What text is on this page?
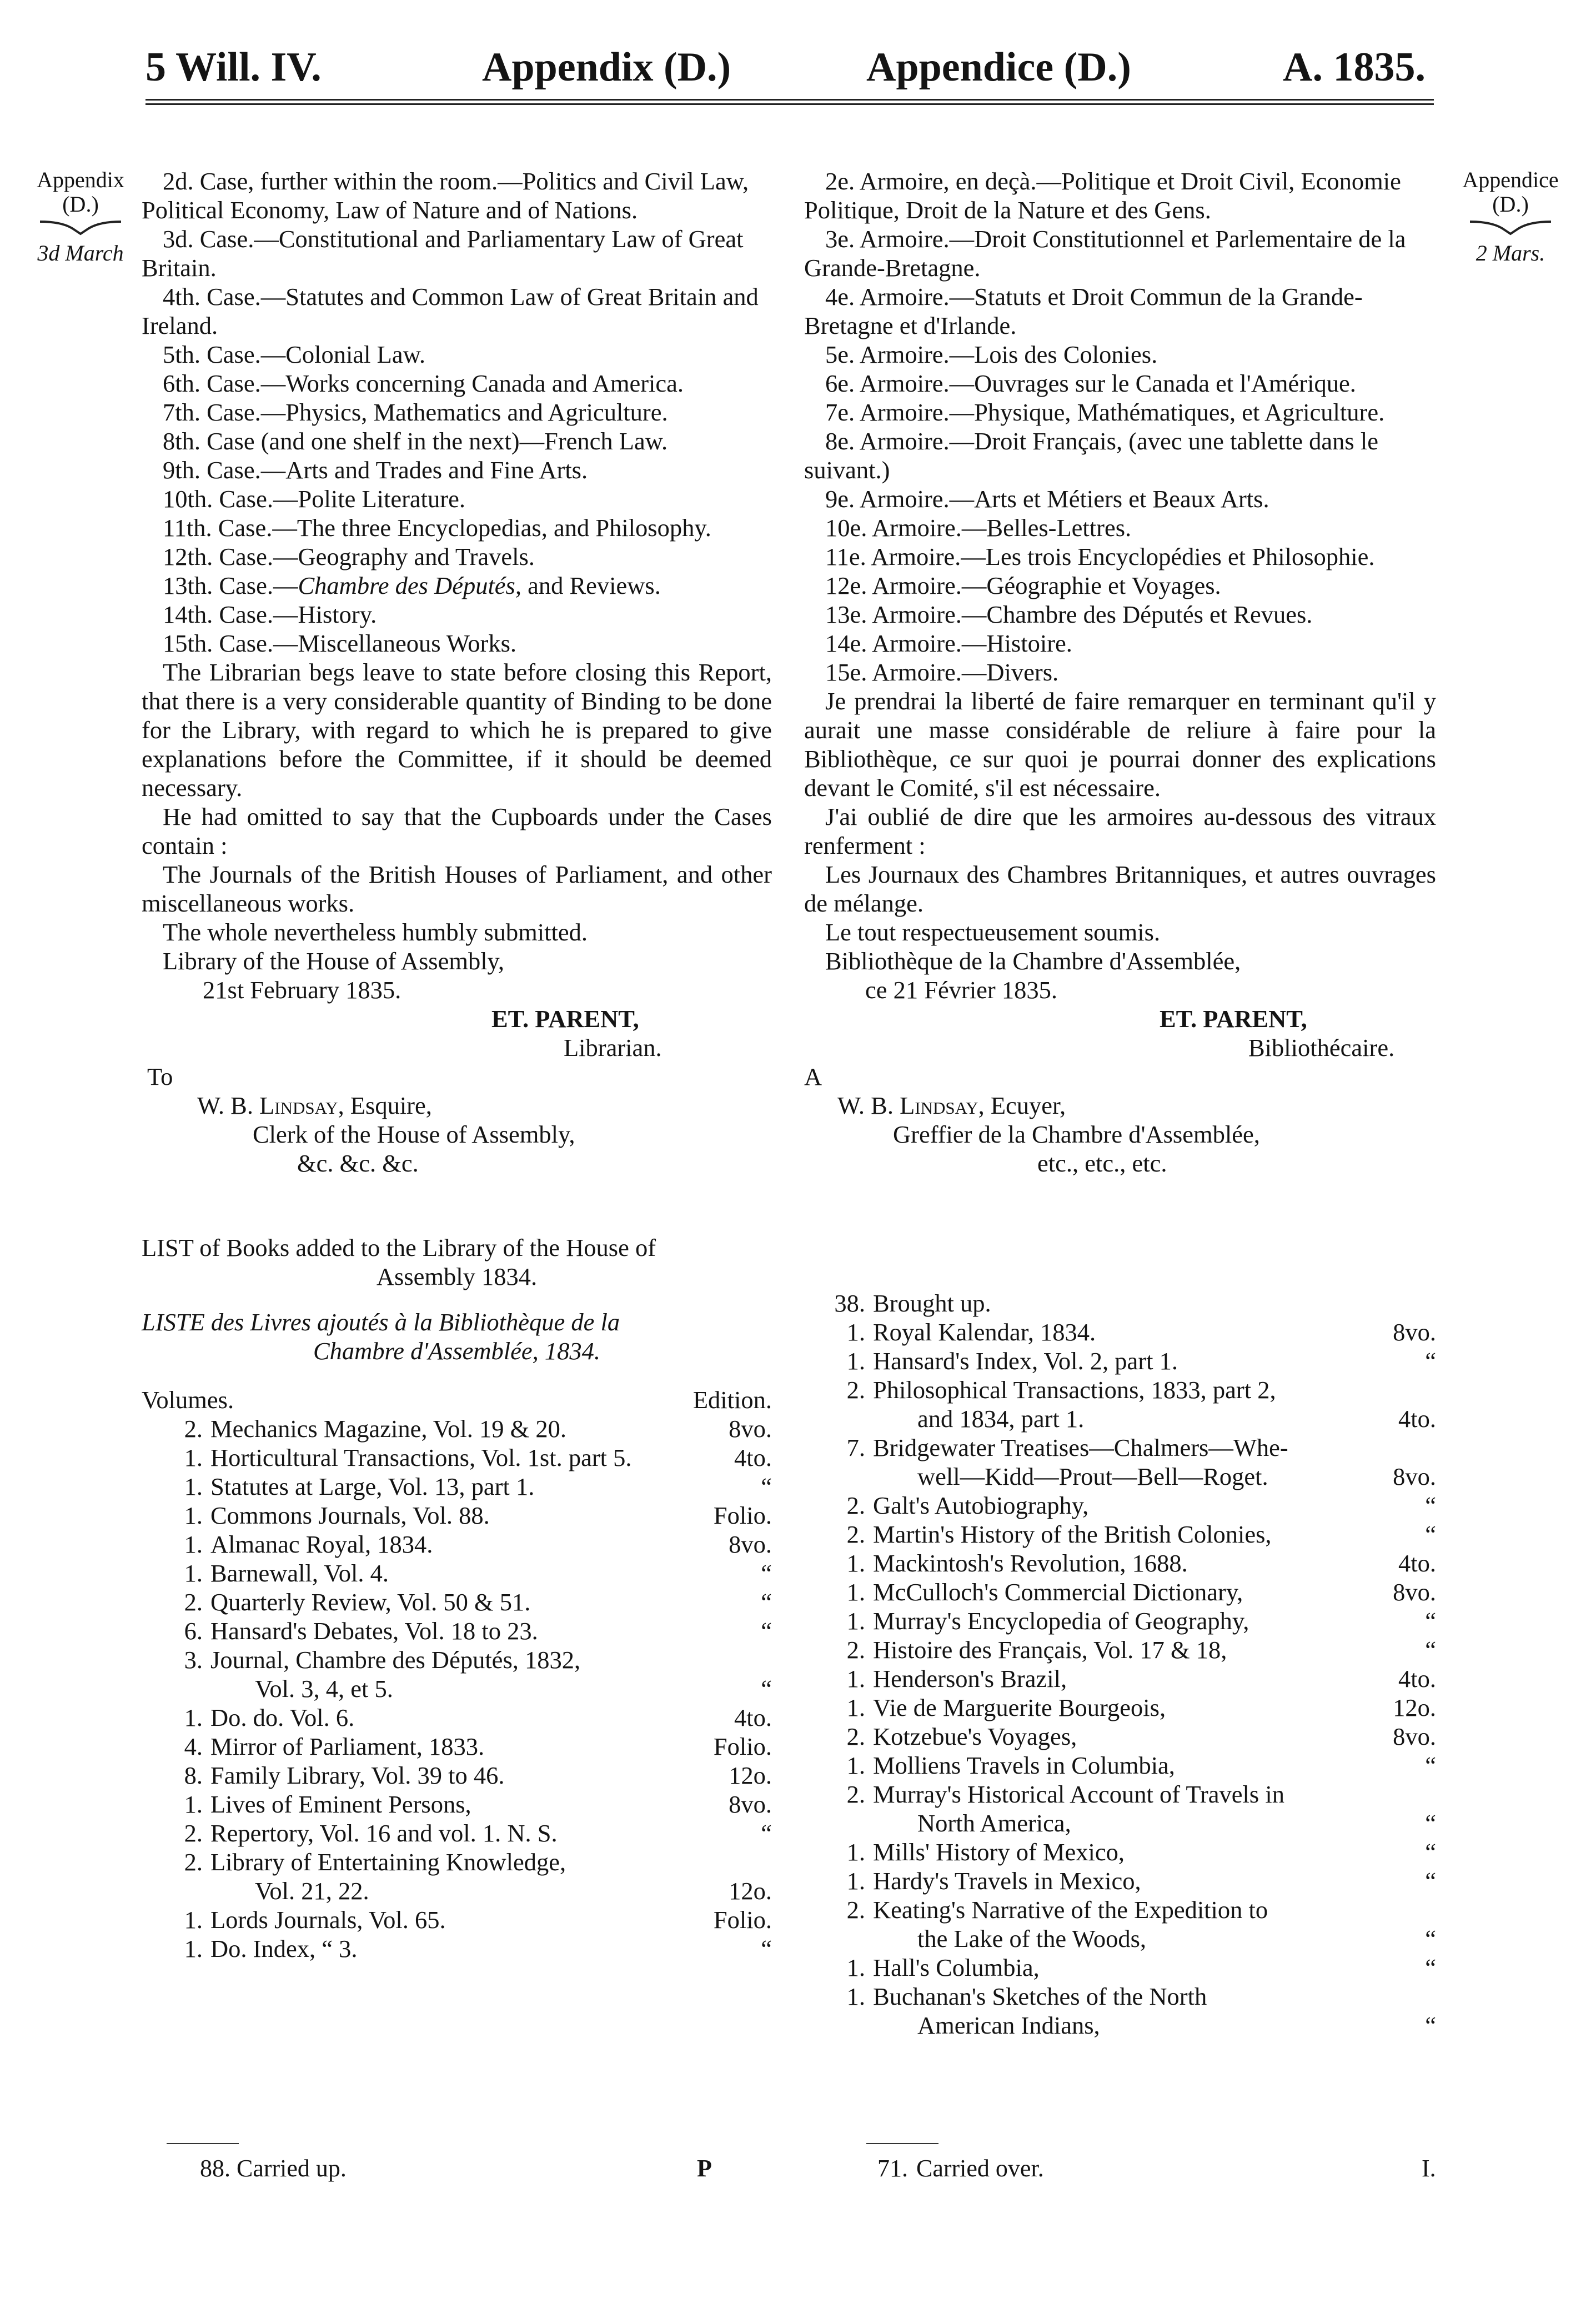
5 Will. IV.	Appendix (D.)	Appendice (D.)	A. 1835.
Appendix
(D.)
3d March
Appendice
(D.)
2 Mars.

2d. Case, further within the room.—Politics and Civil Law, Political Economy, Law of Nature and of Nations.

3d. Case.—Constitutional and Parliamentary Law of Great Britain.

4th. Case.—Statutes and Common Law of Great Britain and Ireland.

5th. Case.—Colonial Law.

6th. Case.—Works concerning Canada and America.

7th. Case.—Physics, Mathematics and Agriculture.

8th. Case (and one shelf in the next)—French Law.

9th. Case.—Arts and Trades and Fine Arts.

10th. Case.—Polite Literature.

11th. Case.—The three Encyclopedias, and Philosophy.

12th. Case.—Geography and Travels.

13th. Case.—Chambre des Députés, and Reviews.

14th. Case.—History.

15th. Case.—Miscellaneous Works.

The Librarian begs leave to state before closing this Report, that there is a very considerable quantity of Binding to be done for the Library, with regard to which he is prepared to give explanations before the Committee, if it should be deemed necessary.

He had omitted to say that the Cupboards under the Cases contain :

The Journals of the British Houses of Parliament, and other miscellaneous works.

The whole nevertheless humbly submitted.

Library of the House of Assembly,

21st February 1835.

ET. PARENT,

Librarian.

To

W. B. Lindsay, Esquire,

Clerk of the House of Assembly,

&c. &c. &c.

LIST of Books added to the Library of the House of

Assembly 1834.

LISTE des Livres ajoutés à la Bibliothèque de la

Chambre d'Assemblée, 1834.

Volumes.	Edition.
2. Mechanics Magazine, Vol. 19 & 20.	8vo.
1. Horticultural Transactions, Vol. 1st. part 5.	4to.
1. Statutes at Large, Vol. 13, part 1.	“
1. Commons Journals, Vol. 88.	Folio.
1. Almanac Royal, 1834.	8vo.
1. Barnewall, Vol. 4.	“
2. Quarterly Review, Vol. 50 & 51.	“
6. Hansard's Debates, Vol. 18 to 23.	“
3. Journal, Chambre des Députés, 1832,
Vol. 3, 4, et 5.	“
1. Do. do. Vol. 6.	4to.
4. Mirror of Parliament, 1833.	Folio.
8. Family Library, Vol. 39 to 46.	12o.
1. Lives of Eminent Persons,	8vo.
2. Repertory, Vol. 16 and vol. 1. N. S.	“
2. Library of Entertaining Knowledge,
Vol. 21, 22.	12o.
1. Lords Journals, Vol. 65.	Folio.
1. Do. Index, “ 3.	“

2e. Armoire, en deçà.—Politique et Droit Civil, Economie Politique, Droit de la Nature et des Gens.

3e. Armoire.—Droit Constitutionnel et Parlementaire de la Grande-Bretagne.

4e. Armoire.—Statuts et Droit Commun de la Grande-Bretagne et d'Irlande.

5e. Armoire.—Lois des Colonies.

6e. Armoire.—Ouvrages sur le Canada et l'Amérique.

7e. Armoire.—Physique, Mathématiques, et Agriculture.

8e. Armoire.—Droit Français, (avec une tablette dans le suivant.)

9e. Armoire.—Arts et Métiers et Beaux Arts.

10e. Armoire.—Belles-Lettres.

11e. Armoire.—Les trois Encyclopédies et Philosophie.

12e. Armoire.—Géographie et Voyages.

13e. Armoire.—Chambre des Députés et Revues.

14e. Armoire.—Histoire.

15e. Armoire.—Divers.

Je prendrai la liberté de faire remarquer en terminant qu'il y aurait une masse considérable de reliure à faire pour la Bibliothèque, ce sur quoi je pourrai donner des explications devant le Comité, s'il est nécessaire.

J'ai oublié de dire que les armoires au-dessous des vitraux renferment :

Les Journaux des Chambres Britanniques, et autres ouvrages de mélange.

Le tout respectueusement soumis.

Bibliothèque de la Chambre d'Assemblée,

ce 21 Février 1835.

ET. PARENT,

Bibliothécaire.

A

W. B. Lindsay, Ecuyer,

Greffier de la Chambre d'Assemblée,

etc., etc., etc.

38. Brought up.
1. Royal Kalendar, 1834.	8vo.
1. Hansard's Index, Vol. 2, part 1.	“
2. Philosophical Transactions, 1833, part 2,
and 1834, part 1.	4to.
7. Bridgewater Treatises—Chalmers—Whe-
well—Kidd—Prout—Bell—Roget.	8vo.
2. Galt's Autobiography,	“
2. Martin's History of the British Colonies,	“
1. Mackintosh's Revolution, 1688.	4to.
1. McCulloch's Commercial Dictionary,	8vo.
1. Murray's Encyclopedia of Geography,	“
2. Histoire des Français, Vol. 17 & 18,	“
1. Henderson's Brazil,	4to.
1. Vie de Marguerite Bourgeois,	12o.
2. Kotzebue's Voyages,	8vo.
1. Molliens Travels in Columbia,	“
2. Murray's Historical Account of Travels in
North America,	“
1. Mills' History of Mexico,	“
1. Hardy's Travels in Mexico,	“
2. Keating's Narrative of the Expedition to
the Lake of the Woods,	“
1. Hall's Columbia,	“
1. Buchanan's Sketches of the North
American Indians,	“
88. Carried up.	P	71. Carried over.	I.
